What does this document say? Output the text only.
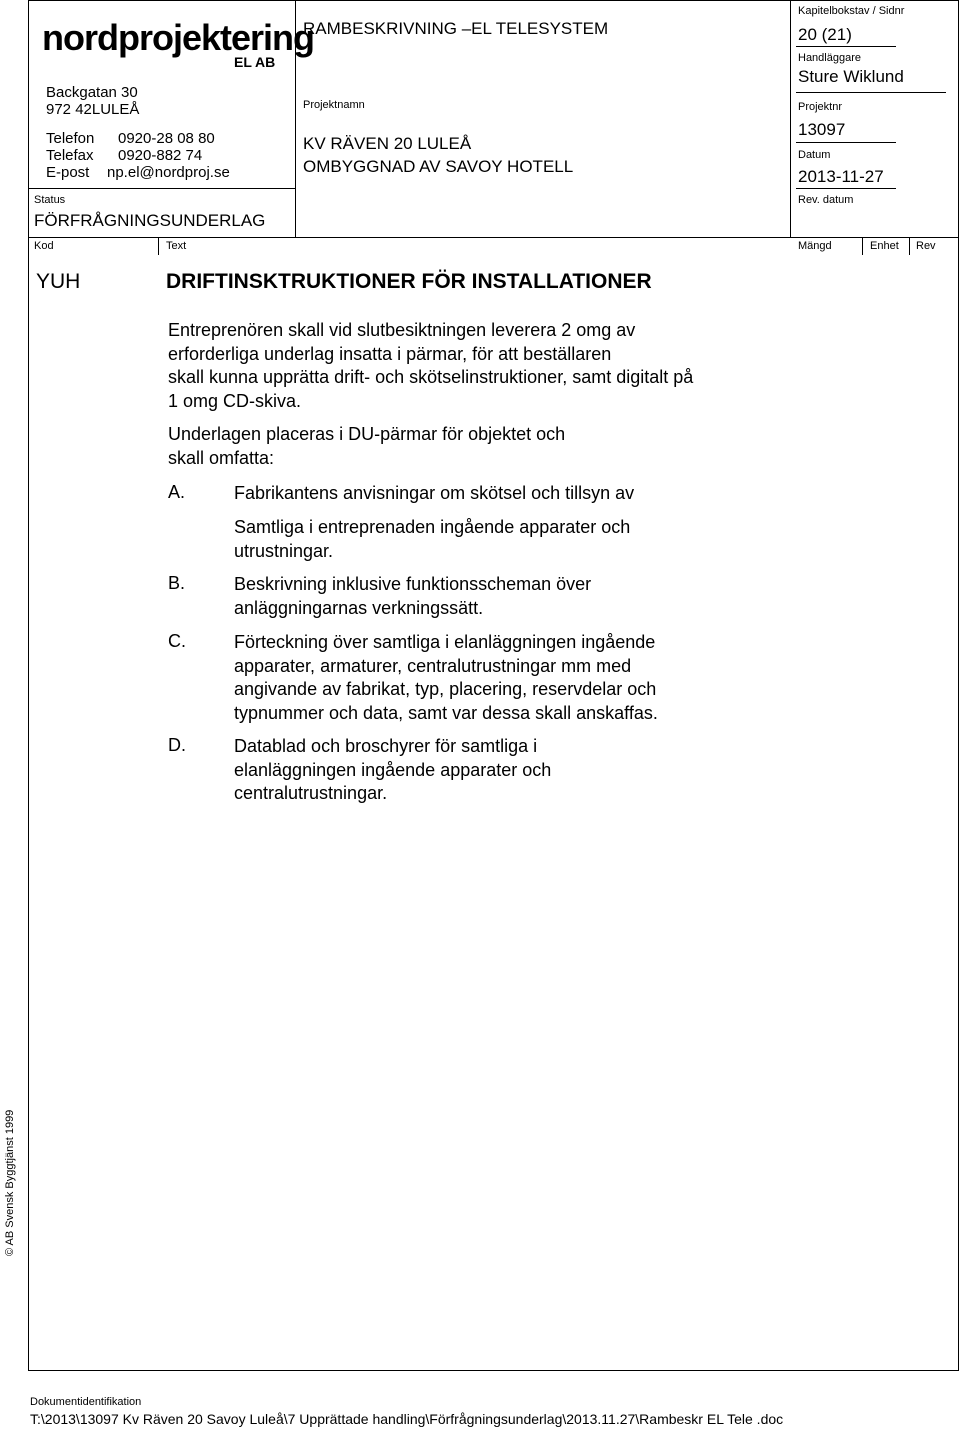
nordprojektering
EL AB
Backgatan 30
972 42LULEÅ
Telefon 0920-28 08 80
Telefax 0920-882 74
E-post np.el@nordproj.se
Status
FÖRFRÅGNINGSUNDERLAG
RAMBESKRIVNING –EL TELESYSTEM
Projektnamn
KV RÄVEN 20 LULEÅ
OMBYGGNAD AV SAVOY HOTELL
Kapitelbokstav / Sidnr
20 (21)
Handläggare
Sture Wiklund
Projektnr
13097
Datum
2013-11-27
Rev. datum
Kod	Text	Mängd	Enhet Rev
YUH	DRIFTINSKTRUKTIONER FÖR INSTALLATIONER
Entreprenören skall vid slutbesiktningen leverera 2 omg av
erforderliga underlag insatta i pärmar, för att beställaren
skall kunna upprätta drift- och skötselinstruktioner, samt digitalt på
1 omg CD-skiva.
Underlagen placeras i DU-pärmar för objektet och
skall omfatta:
A.	Fabrikantens anvisningar om skötsel och tillsyn av
Samtliga i entreprenaden ingående apparater och
utrustningar.
B.	Beskrivning inklusive funktionsscheman över
anläggningarnas verkningssätt.
C.	Förteckning över samtliga i elanläggningen ingående
apparater, armaturer, centralutrustningar mm med
angivande av fabrikat, typ, placering, reservdelar och
typnummer och data, samt var dessa skall anskaffas.
D.	Datablad och broschyrer för samtliga i
elanläggningen ingående apparater och
centralutrustningar.
© AB Svensk Byggtjänst 1999
Dokumentidentifikation
T:\2013\13097 Kv Räven 20 Savoy Luleå\7 Upprättade handling\Förfrågningsunderlag\2013.11.27\Rambeskr EL Tele .doc
